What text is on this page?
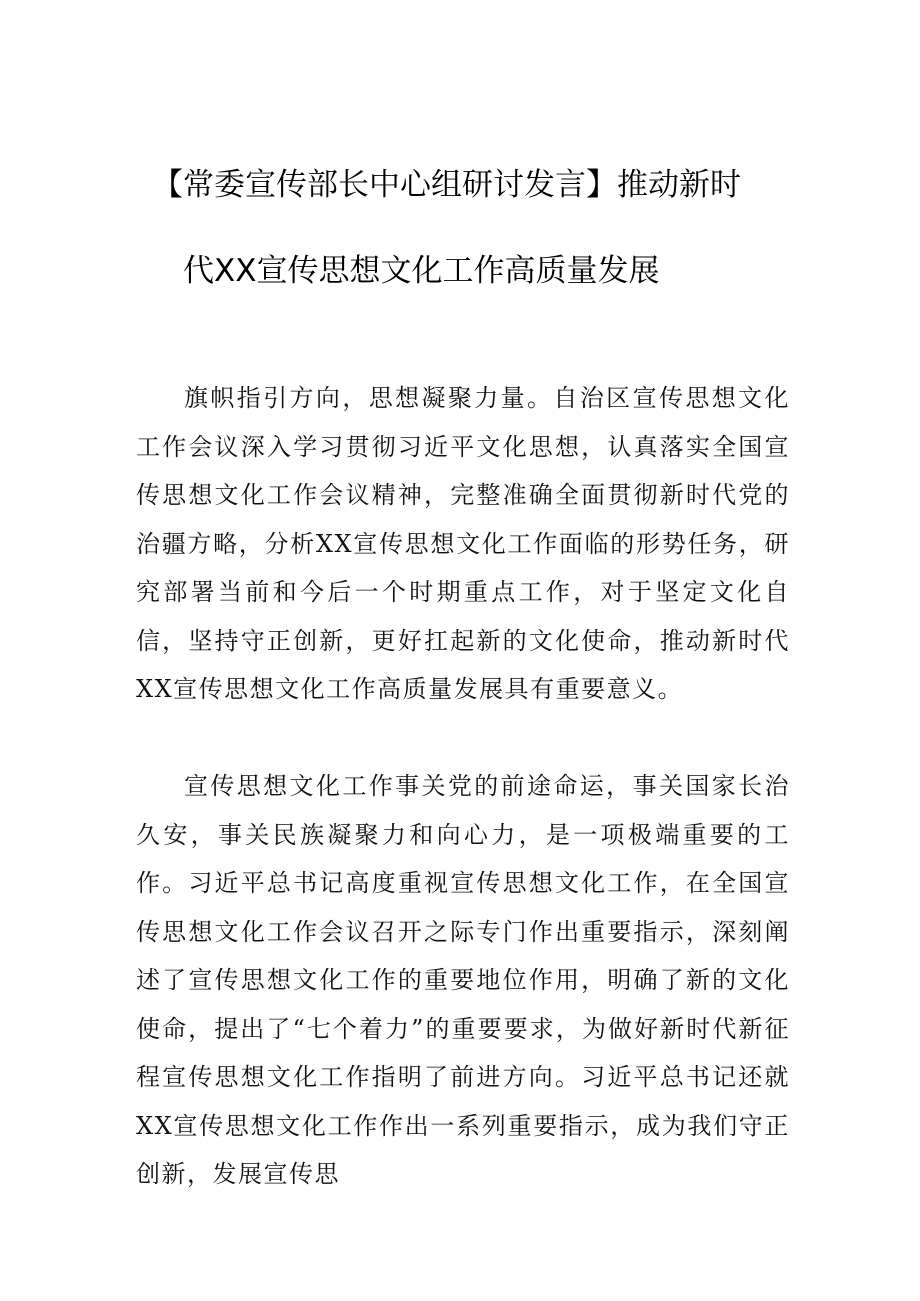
【常委宣传部长中心组研讨发言】推动新时
代XX宣传思想文化工作高质量发展
旗帜指引方向，思想凝聚力量。自治区宣传思想文化工作会议深入学习贯彻习近平文化思想，认真落实全国宣传思想文化工作会议精神，完整准确全面贯彻新时代党的治疆方略，分析XX宣传思想文化工作面临的形势任务，研究部署当前和今后一个时期重点工作，对于坚定文化自信，坚持守正创新，更好扛起新的文化使命，推动新时代XX宣传思想文化工作高质量发展具有重要意义。
宣传思想文化工作事关党的前途命运，事关国家长治久安，事关民族凝聚力和向心力，是一项极端重要的工作。习近平总书记高度重视宣传思想文化工作，在全国宣传思想文化工作会议召开之际专门作出重要指示，深刻阐述了宣传思想文化工作的重要地位作用，明确了新的文化使命，提出了“七个着力”的重要要求，为做好新时代新征程宣传思想文化工作指明了前进方向。习近平总书记还就XX宣传思想文化工作作出一系列重要指示，成为我们守正创新，发展宣传思
